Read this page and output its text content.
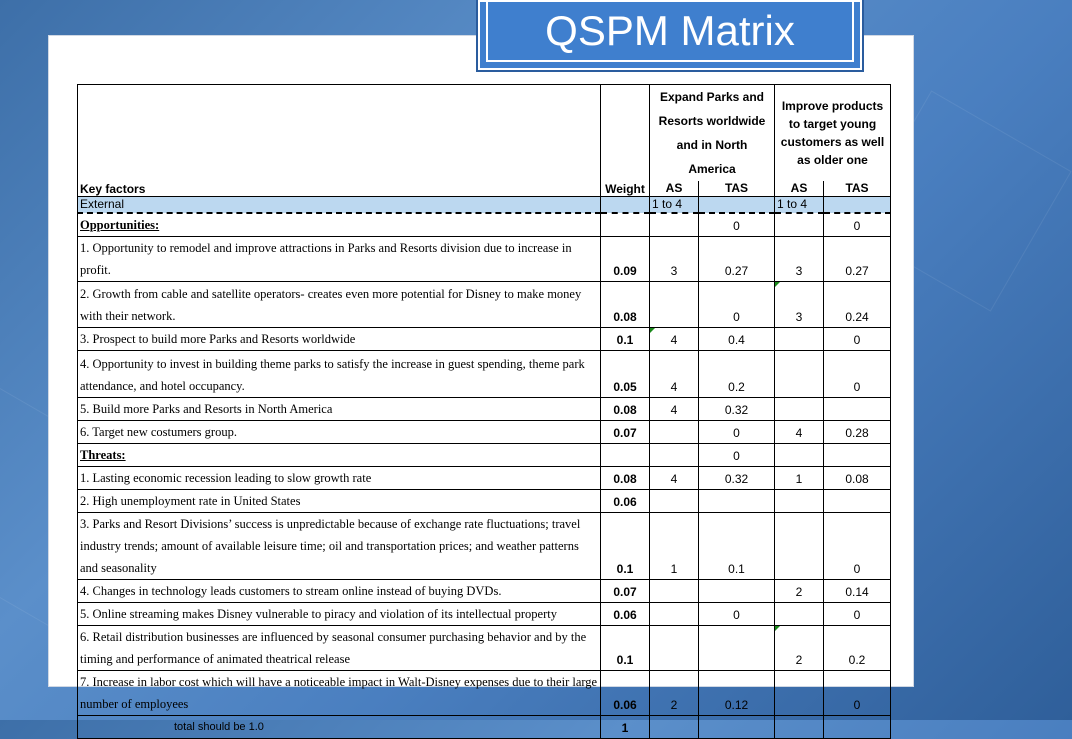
QSPM Matrix
Key factors	Weight	Expand Parks and Resorts worldwide and in North America		Improve products to target young customers as well as older one	
		AS	TAS	AS	TAS
External		1 to 4		1 to 4	
Opportunities:			0		0
1. Opportunity to remodel and improve attractions in Parks and Resorts division due to increase in profit.	0.09	3	0.27	3	0.27
2. Growth from cable and satellite operators- creates even more potential for Disney to make money with their network.	0.08		0	3	0.24
3. Prospect to build more Parks and Resorts worldwide	0.1	4	0.4		0
4. Opportunity to invest in building theme parks to satisfy the increase in guest spending, theme park attendance, and hotel occupancy.	0.05	4	0.2		0
5. Build more Parks and Resorts in North America	0.08	4	0.32		
6. Target new costumers group.	0.07		0	4	0.28
Threats:			0		
1. Lasting economic recession leading to slow growth rate	0.08	4	0.32	1	0.08
2. High unemployment rate in United States	0.06				
3. Parks and Resort Divisions’ success is unpredictable because of exchange rate fluctuations; travel industry trends; amount of available leisure time; oil and transportation prices; and weather patterns and seasonality	0.1	1	0.1		0
4. Changes in technology leads customers to stream online instead of buying DVDs.	0.07			2	0.14
5. Online streaming makes Disney vulnerable to piracy and violation of its intellectual property	0.06		0		0
6. Retail distribution businesses are influenced by seasonal consumer purchasing behavior and by the timing and performance of animated theatrical release	0.1			2	0.2
7. Increase in labor cost which will have a noticeable impact in Walt-Disney expenses due to their large number of employees	0.06	2	0.12		0
total should be 1.0	1				
